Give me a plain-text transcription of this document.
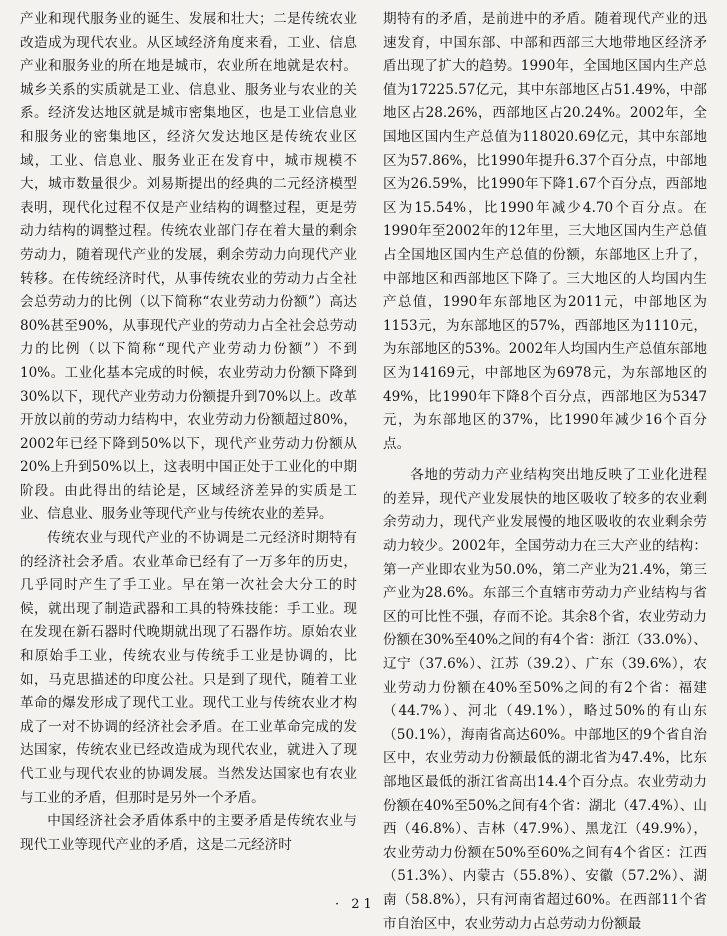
产业和现代服务业的诞生、发展和壮大；二是传统农业改造成为现代农业。从区域经济角度来看，工业、信息产业和服务业的所在地是城市，农业所在地就是农村。城乡关系的实质就是工业、信息业、服务业与农业的关系。经济发达地区就是城市密集地区，也是工业信息业和服务业的密集地区，经济欠发达地区是传统农业区域，工业、信息业、服务业正在发育中，城市规模不大，城市数量很少。刘易斯提出的经典的二元经济模型表明，现代化过程不仅是产业结构的调整过程，更是劳动力结构的调整过程。传统农业部门存在着大量的剩余劳动力，随着现代产业的发展，剩余劳动力向现代产业转移。在传统经济时代，从事传统农业的劳动力占全社会总劳动力的比例（以下简称“农业劳动力份额”）高达80%甚至90%，从事现代产业的劳动力占全社会总劳动力的比例（以下简称“现代产业劳动力份额”）不到10%。工业化基本完成的时候，农业劳动力份额下降到30%以下，现代产业劳动力份额提升到70%以上。改革开放以前的劳动力结构中，农业劳动力份额超过80%，2002年已经下降到50%以下，现代产业劳动力份额从20%上升到50%以上，这表明中国正处于工业化的中期阶段。由此得出的结论是，区域经济差异的实质是工业、信息业、服务业等现代产业与传统农业的差异。

传统农业与现代产业的不协调是二元经济时期特有的经济社会矛盾。农业革命已经有了一万多年的历史，几乎同时产生了手工业。早在第一次社会大分工的时候，就出现了制造武器和工具的特殊技能：手工业。现在发现在新石器时代晚期就出现了石器作坊。原始农业和原始手工业，传统农业与传统手工业是协调的，比如，马克思描述的印度公社。只是到了现代，随着工业革命的爆发形成了现代工业。现代工业与传统农业才构成了一对不协调的经济社会矛盾。在工业革命完成的发达国家，传统农业已经改造成为现代农业，就进入了现代工业与现代农业的协调发展。当然发达国家也有农业与工业的矛盾，但那时是另外一个矛盾。

中国经济社会矛盾体系中的主要矛盾是传统农业与现代工业等现代产业的矛盾，这是二元经济时

期特有的矛盾，是前进中的矛盾。随着现代产业的迅速发育，中国东部、中部和西部三大地带地区经济矛盾出现了扩大的趋势。1990年，全国地区国内生产总值为17225.57亿元，其中东部地区占51.49%，中部地区占28.26%，西部地区占20.24%。2002年，全国地区国内生产总值为118020.69亿元，其中东部地区为57.86%，比1990年提升6.37个百分点，中部地区为26.59%，比1990年下降1.67个百分点，西部地区为15.54%，比1990年减少4.70个百分点。在1990年至2002年的12年里，三大地区国内生产总值占全国地区国内生产总值的份额，东部地区上升了，中部地区和西部地区下降了。三大地区的人均国内生产总值，1990年东部地区为2011元，中部地区为1153元，为东部地区的57%，西部地区为1110元，为东部地区的53%。2002年人均国内生产总值东部地区为14169元，中部地区为6978元，为东部地区的49%，比1990年下降8个百分点，西部地区为5347元，为东部地区的37%，比1990年减少16个百分点。

各地的劳动力产业结构突出地反映了工业化进程的差异，现代产业发展快的地区吸收了较多的农业剩余劳动力，现代产业发展慢的地区吸收的农业剩余劳动力较少。2002年，全国劳动力在三大产业的结构：第一产业即农业为50.0%，第二产业为21.4%，第三产业为28.6%。东部三个直辖市劳动力产业结构与省区的可比性不强，存而不论。其余8个省，农业劳动力份额在30%至40%之间的有4个省：浙江（33.0%）、辽宁（37.6%）、江苏（39.2）、广东（39.6%），农业劳动力份额在40%至50%之间的有2个省：福建（44.7%）、河北（49.1%），略过50%的有山东（50.1%），海南省高达60%。中部地区的9个省自治区中，农业劳动力份额最低的湖北省为47.4%，比东部地区最低的浙江省高出14.4个百分点。农业劳动力份额在40%至50%之间有4个省：湖北（47.4%）、山西（46.8%）、吉林（47.9%）、黑龙江（49.9%），农业劳动力份额在50%至60%之间有4个省区：江西（51.3%）、内蒙古（55.8%）、安徽（57.2%）、湖南（58.8%），只有河南省超过60%。在西部11个省市自治区中，农业劳动力占总劳动力份额最

· 21 ·
